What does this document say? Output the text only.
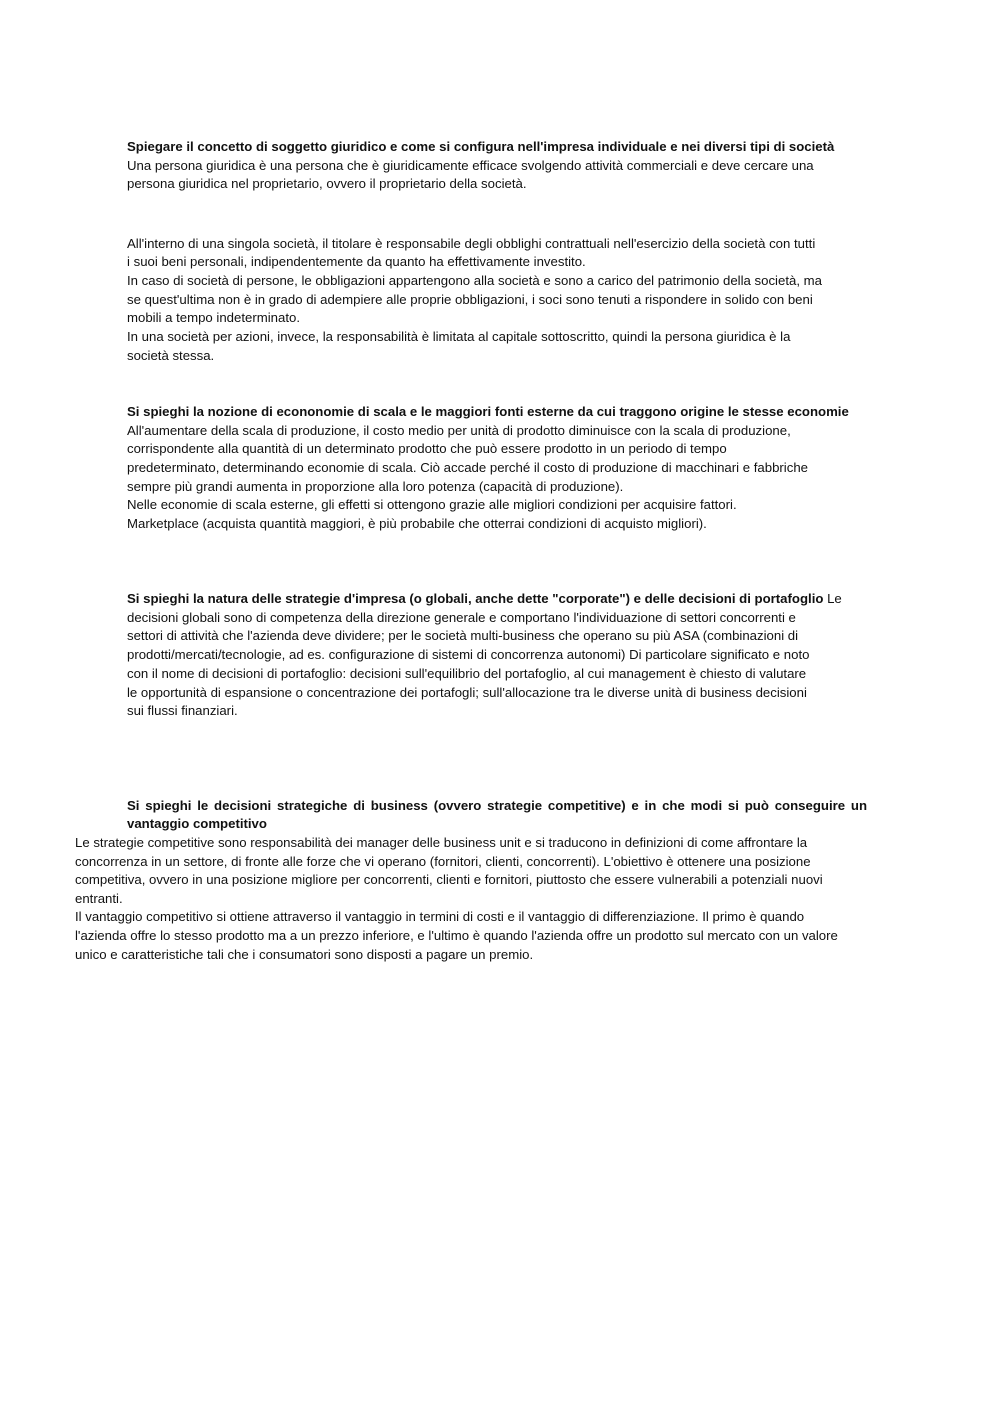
Spiegare il concetto di soggetto giuridico e come si configura nell'impresa individuale e nei diversi tipi di società
Una persona giuridica è una persona che è giuridicamente efficace svolgendo attività commerciali e deve cercare una
persona giuridica nel proprietario, ovvero il proprietario della società.
All'interno di una singola società, il titolare è responsabile degli obblighi contrattuali nell'esercizio della società con tutti
i suoi beni personali, indipendentemente da quanto ha effettivamente investito.
In caso di società di persone, le obbligazioni appartengono alla società e sono a carico del patrimonio della società, ma
se quest'ultima non è in grado di adempiere alle proprie obbligazioni, i soci sono tenuti a rispondere in solido con beni
mobili a tempo indeterminato.
In una società per azioni, invece, la responsabilità è limitata al capitale sottoscritto, quindi la persona giuridica è la
società stessa.
Si spieghi la nozione di econonomie di scala e le maggiori fonti esterne da cui traggono origine le stesse economie
All'aumentare della scala di produzione, il costo medio per unità di prodotto diminuisce con la scala di produzione,
corrispondente alla quantità di un determinato prodotto che può essere prodotto in un periodo di tempo
predeterminato, determinando economie di scala. Ciò accade perché il costo di produzione di macchinari e fabbriche
sempre più grandi aumenta in proporzione alla loro potenza (capacità di produzione).
Nelle economie di scala esterne, gli effetti si ottengono grazie alle migliori condizioni per acquisire fattori.
Marketplace (acquista quantità maggiori, è più probabile che otterrai condizioni di acquisto migliori).
Si spieghi la natura delle strategie d'impresa (o globali, anche dette "corporate") e delle decisioni di portafoglio Le
decisioni globali sono di competenza della direzione generale e comportano l'individuazione di settori concorrenti e
settori di attività che l'azienda deve dividere; per le società multi-business che operano su più ASA (combinazioni di
prodotti/mercati/tecnologie, ad es. configurazione di sistemi di concorrenza autonomi) Di particolare significato e noto
con il nome di decisioni di portafoglio: decisioni sull'equilibrio del portafoglio, al cui management è chiesto di valutare
le opportunità di espansione o concentrazione dei portafogli; sull'allocazione tra le diverse unità di business decisioni
sui flussi finanziari.
Si spieghi le decisioni strategiche di business (ovvero strategie competitive) e in che modi si può conseguire un
vantaggio competitivo
Le strategie competitive sono responsabilità dei manager delle business unit e si traducono in definizioni di come affrontare la
concorrenza in un settore, di fronte alle forze che vi operano (fornitori, clienti, concorrenti). L'obiettivo è ottenere una posizione
competitiva, ovvero in una posizione migliore per concorrenti, clienti e fornitori, piuttosto che essere vulnerabili a potenziali nuovi
entranti.
Il vantaggio competitivo si ottiene attraverso il vantaggio in termini di costi e il vantaggio di differenziazione. Il primo è quando
l'azienda offre lo stesso prodotto ma a un prezzo inferiore, e l'ultimo è quando l'azienda offre un prodotto sul mercato con un valore
unico e caratteristiche tali che i consumatori sono disposti a pagare un premio.
